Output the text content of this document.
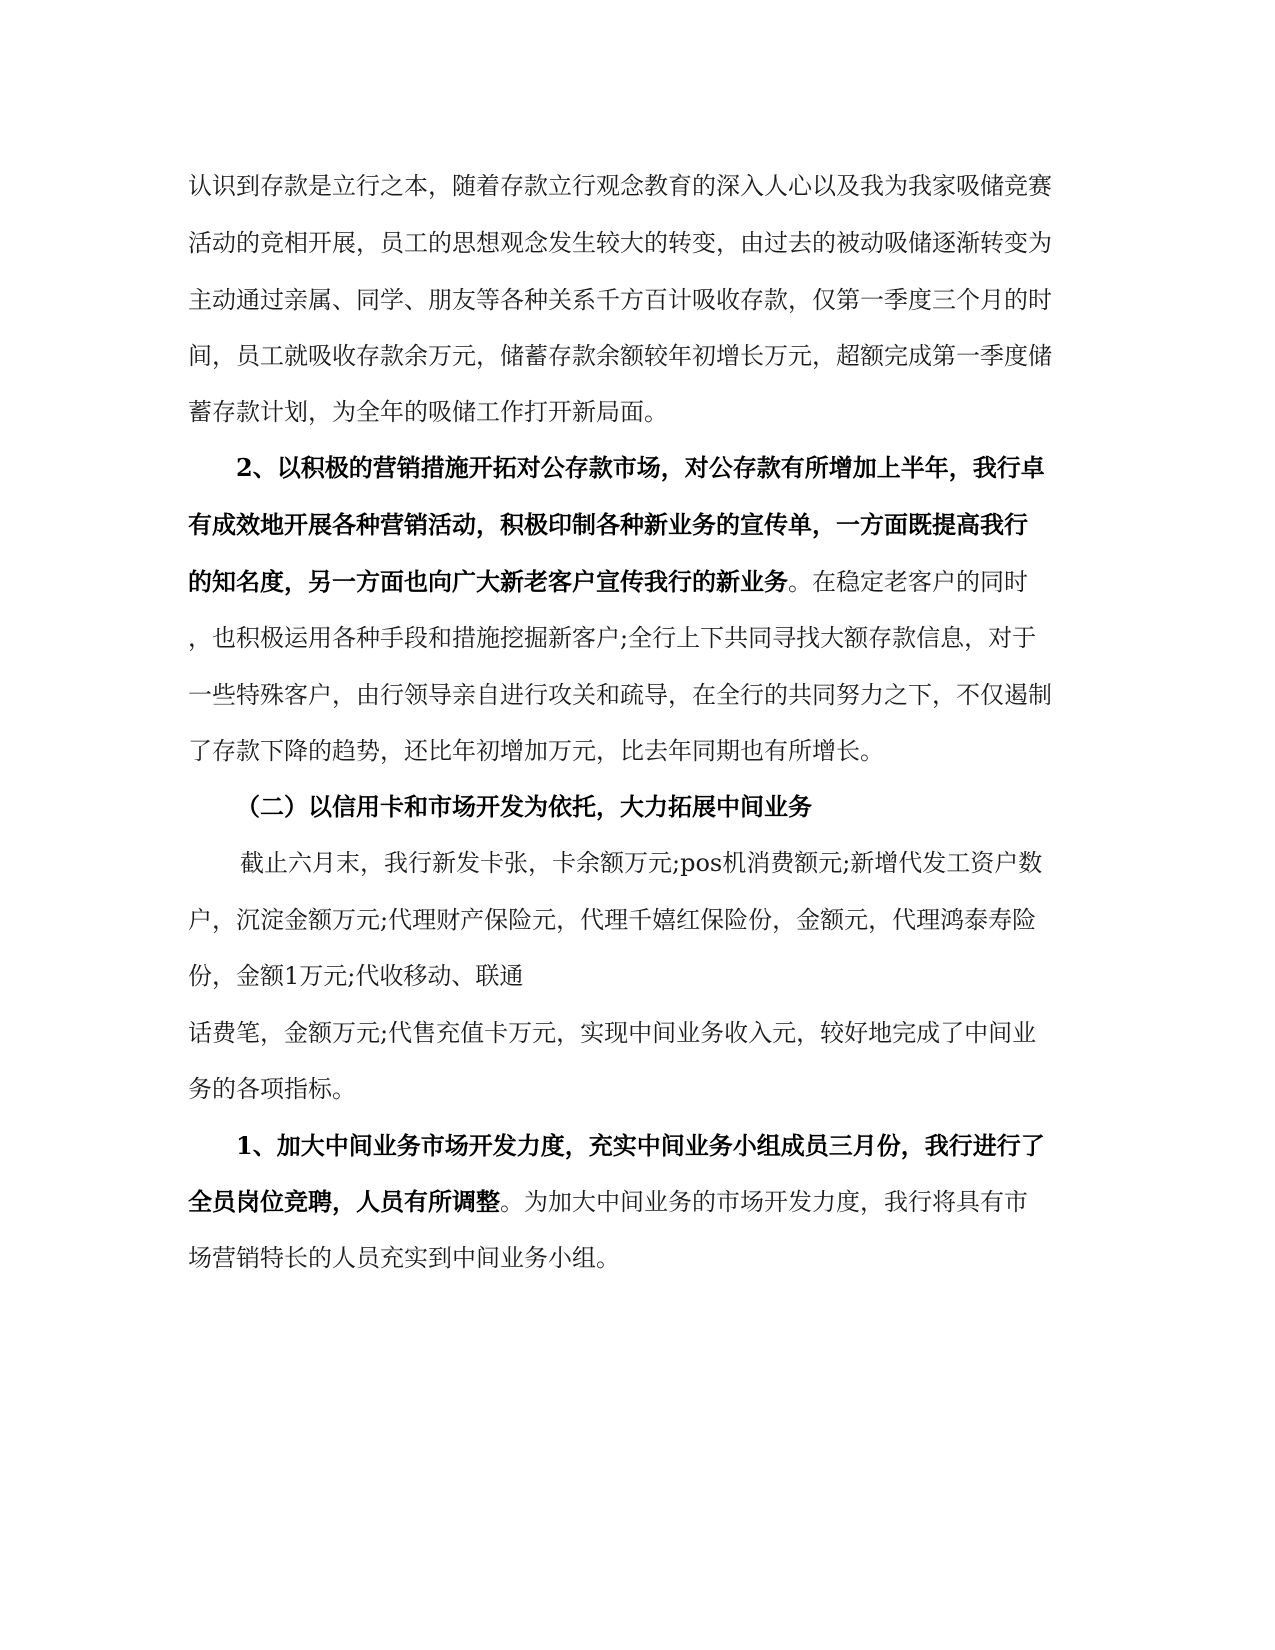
认识到存款是立行之本，随着存款立行观念教育的深入人心以及我为我家吸储竞赛
活动的竞相开展，员工的思想观念发生较大的转变，由过去的被动吸储逐渐转变为
主动通过亲属、同学、朋友等各种关系千方百计吸收存款，仅第一季度三个月的时
间，员工就吸收存款余万元，储蓄存款余额较年初增长万元，超额完成第一季度储
蓄存款计划，为全年的吸储工作打开新局面。
2、以积极的营销措施开拓对公存款市场，对公存款有所增加上半年，我行卓
有成效地开展各种营销活动，积极印制各种新业务的宣传单，一方面既提高我行
的知名度，另一方面也向广大新老客户宣传我行的新业务。在稳定老客户的同时
，也积极运用各种手段和措施挖掘新客户;全行上下共同寻找大额存款信息，对于
一些特殊客户，由行领导亲自进行攻关和疏导，在全行的共同努力之下，不仅遏制
了存款下降的趋势，还比年初增加万元，比去年同期也有所增长。
（二）以信用卡和市场开发为依托，大力拓展中间业务
截止六月末，我行新发卡张，卡余额万元;pos机消费额元;新增代发工资户数
户，沉淀金额万元;代理财产保险元，代理千嬉红保险份，金额元，代理鸿泰寿险
份，金额1万元;代收移动、联通
话费笔，金额万元;代售充值卡万元，实现中间业务收入元，较好地完成了中间业
务的各项指标。
1、加大中间业务市场开发力度，充实中间业务小组成员三月份，我行进行了
全员岗位竞聘，人员有所调整。为加大中间业务的市场开发力度，我行将具有市
场营销特长的人员充实到中间业务小组。
